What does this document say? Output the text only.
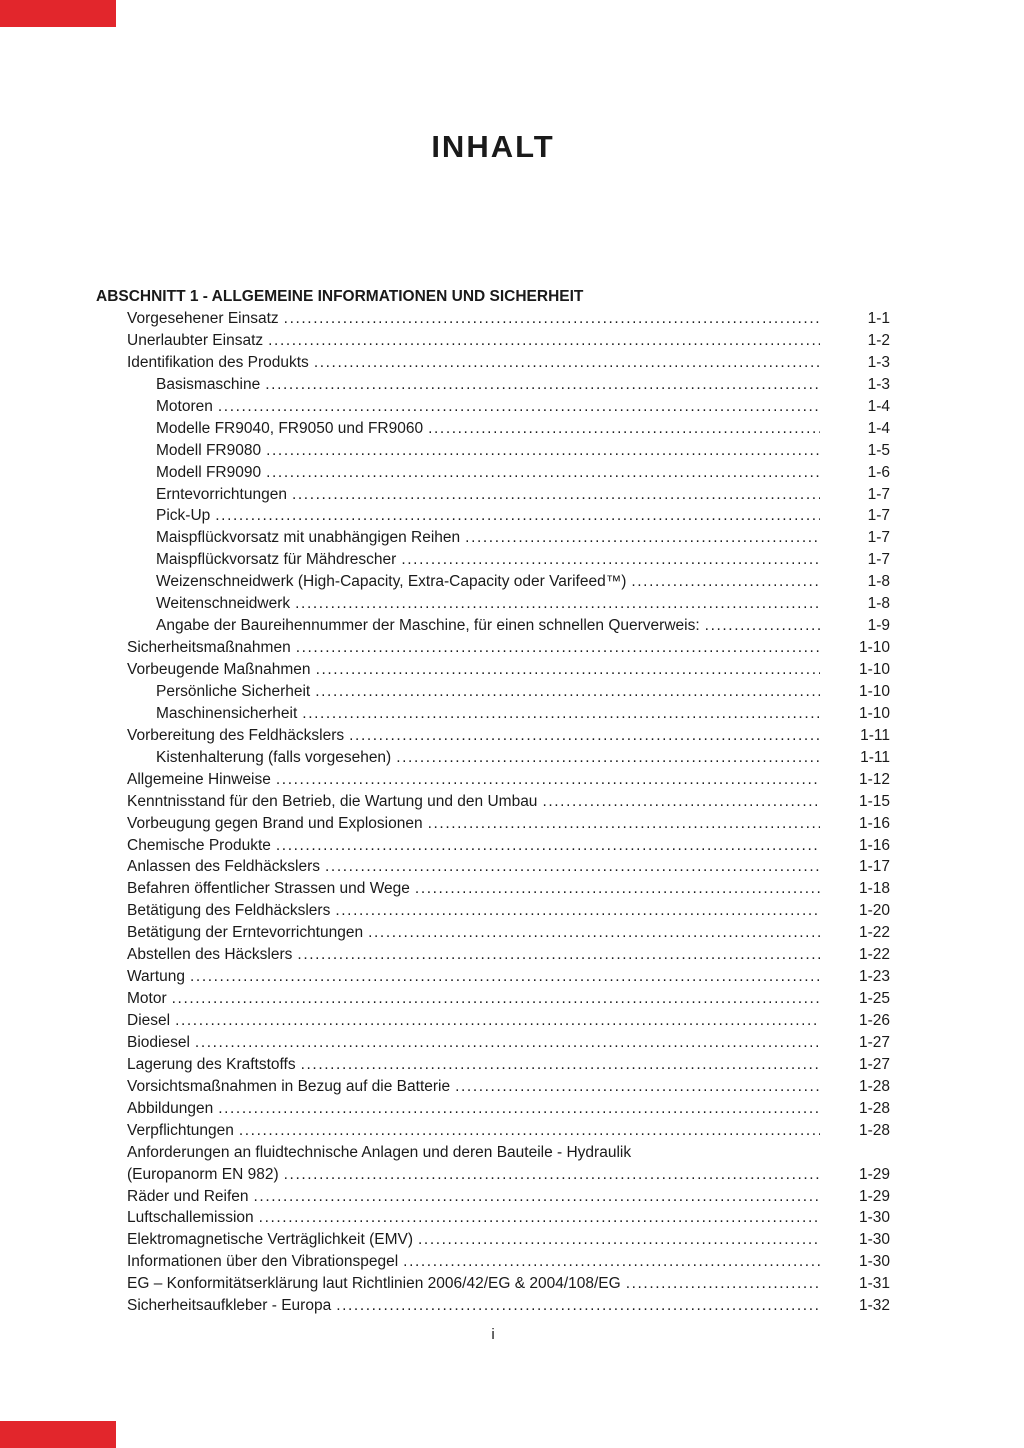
INHALT
ABSCHNITT 1 - ALLGEMEINE INFORMATIONEN UND SICHERHEIT
Vorgesehener Einsatz .....	1-1
Unerlaubter Einsatz .....	1-2
Identifikation des Produkts .....	1-3
Basismaschine .....	1-3
Motoren .....	1-4
Modelle FR9040, FR9050 und FR9060 .....	1-4
Modell FR9080 .....	1-5
Modell FR9090 .....	1-6
Erntevorrichtungen .....	1-7
Pick-Up .....	1-7
Maispflückvorsatz mit unabhängigen Reihen .....	1-7
Maispflückvorsatz für Mähdrescher .....	1-7
Weizenschneidwerk (High-Capacity, Extra-Capacity oder Varifeed™) .....	1-8
Weitenschneidwerk .....	1-8
Angabe der Baureihennummer der Maschine, für einen schnellen Querverweis: .....	1-9
Sicherheitsmaßnahmen .....	1-10
Vorbeugende Maßnahmen .....	1-10
Persönliche Sicherheit .....	1-10
Maschinensicherheit .....	1-10
Vorbereitung des Feldhäckslers .....	1-11
Kistenhalterung (falls vorgesehen) .....	1-11
Allgemeine Hinweise .....	1-12
Kenntnisstand für den Betrieb, die Wartung und den Umbau .....	1-15
Vorbeugung gegen Brand und Explosionen .....	1-16
Chemische Produkte .....	1-16
Anlassen des Feldhäckslers .....	1-17
Befahren öffentlicher Strassen und Wege .....	1-18
Betätigung des Feldhäckslers .....	1-20
Betätigung der Erntevorrichtungen .....	1-22
Abstellen des Häckslers .....	1-22
Wartung .....	1-23
Motor .....	1-25
Diesel .....	1-26
Biodiesel .....	1-27
Lagerung des Kraftstoffs .....	1-27
Vorsichtsmaßnahmen in Bezug auf die Batterie .....	1-28
Abbildungen .....	1-28
Verpflichtungen .....	1-28
Anforderungen an fluidtechnische Anlagen und deren Bauteile - Hydraulik
(Europanorm EN 982) .....	1-29
Räder und Reifen .....	1-29
Luftschallemission .....	1-30
Elektromagnetische Verträglichkeit (EMV) .....	1-30
Informationen über den Vibrationspegel .....	1-30
EG – Konformitätserklärung laut Richtlinien 2006/42/EG & 2004/108/EG .....	1-31
Sicherheitsaufkleber - Europa .....	1-32
i
